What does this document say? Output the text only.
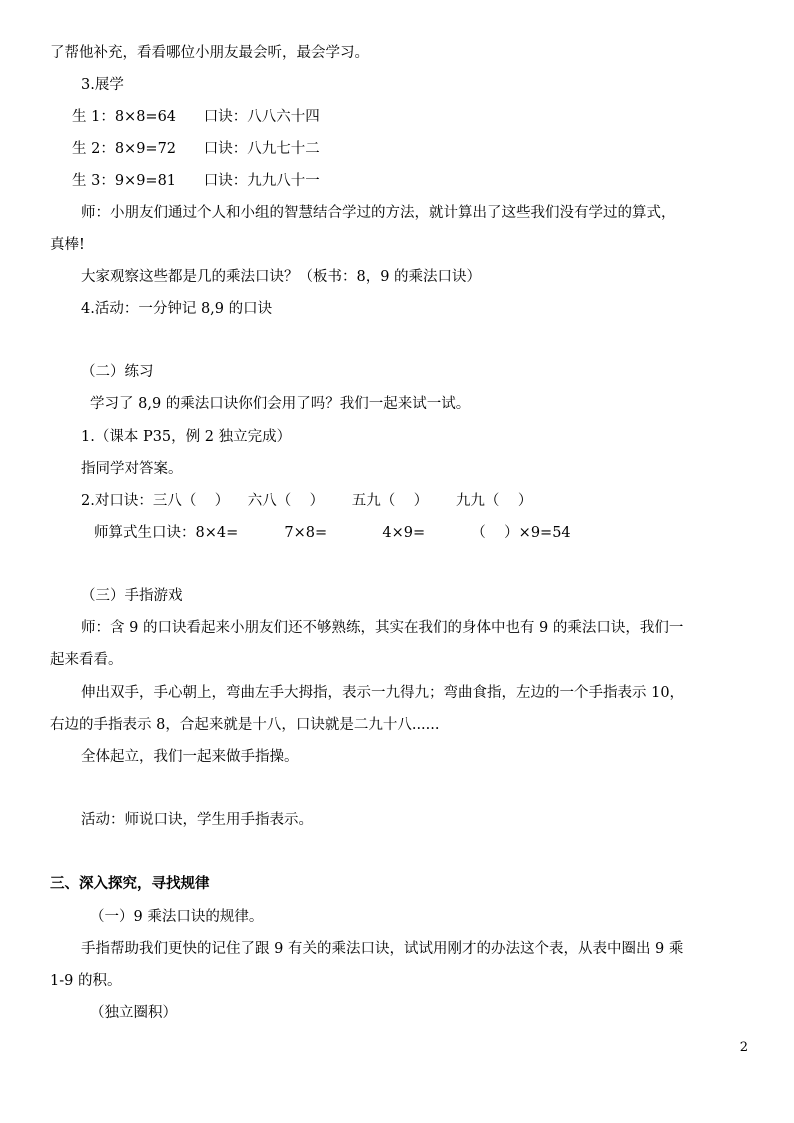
了帮他补充，看看哪位小朋友最会听，最会学习。
3.展学
生 1：8×8=64      口诀：八八六十四
生 2：8×9=72      口诀：八九七十二
生 3：9×9=81      口诀：九九八十一
师：小朋友们通过个人和小组的智慧结合学过的方法，就计算出了这些我们没有学过的算式，
真棒!
大家观察这些都是几的乘法口诀？（板书：8，9 的乘法口诀）
4.活动：一分钟记 8,9 的口诀
（二）练习
学习了 8,9 的乘法口诀你们会用了吗？我们一起来试一试。
1.（课本 P35，例 2 独立完成）
指同学对答案。
2.对口诀：三八（    ）    六八（    ）      五九（    ）      九九（    ）
师算式生口诀：8×4=          7×8=            4×9=          （    ）×9=54
（三）手指游戏
师：含 9 的口诀看起来小朋友们还不够熟练，其实在我们的身体中也有 9 的乘法口诀，我们一
起来看看。
伸出双手，手心朝上，弯曲左手大拇指，表示一九得九；弯曲食指，左边的一个手指表示 10，
右边的手指表示 8，合起来就是十八，口诀就是二九十八......
全体起立，我们一起来做手指操。
活动：师说口诀，学生用手指表示。
三、深入探究，寻找规律
（一）9 乘法口诀的规律。
手指帮助我们更快的记住了跟 9 有关的乘法口诀，试试用刚才的办法这个表，从表中圈出 9 乘
1-9 的积。
（独立圈积）
2
